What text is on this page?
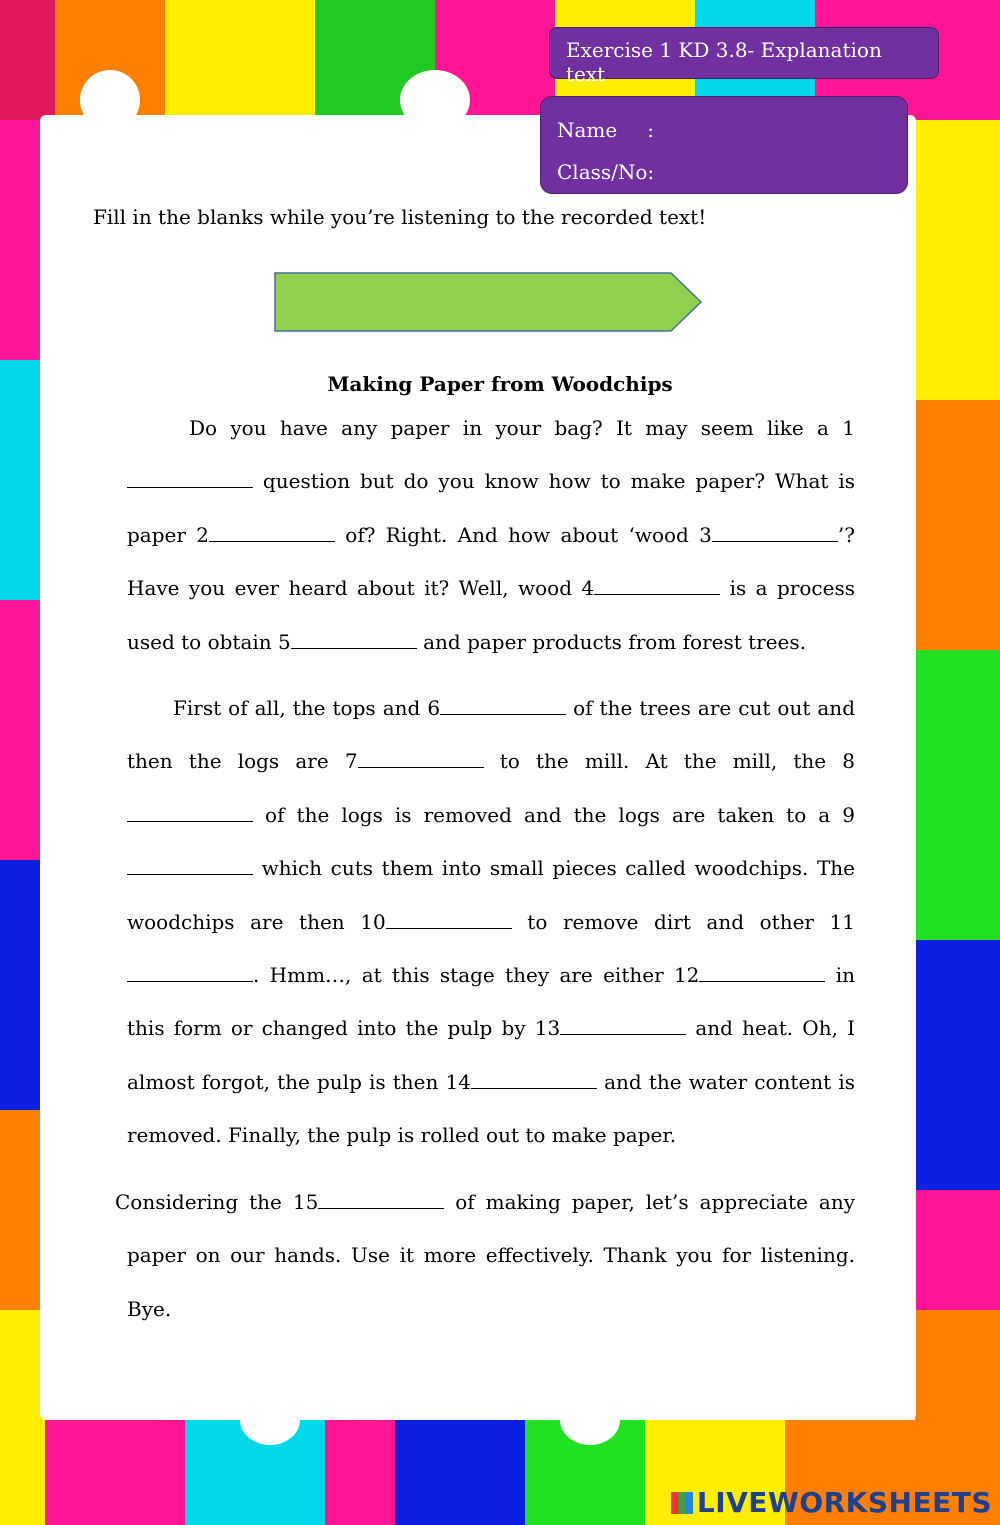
Exercise 1 KD 3.8- Explanation text
Name :
Class/No:
Fill in the blanks while you’re listening to the recorded text!
Making Paper from Woodchips

Do you have any paper in your bag? It may seem like a 1 question but do you know how to make paper? What is paper 2	of? Right. And how about ‘wood 3	’? Have you ever heard about it? Well, wood 4	is a process used to obtain 5	and paper products from forest trees.

First of all, the tops and 6	of the trees are cut out and then the logs are 7	to the mill. At the mill, the 8 of the logs is removed and the logs are taken to a 9 which cuts them into small pieces called woodchips. The woodchips are then 10	to remove dirt and other 11. Hmm…, at this stage they are either 12	in this form or changed into the pulp by 13	and heat. Oh, I almost forgot, the pulp is then 14	and the water content is removed. Finally, the pulp is rolled out to make paper.

Considering the 15	of making paper, let’s appreciate any paper on our hands. Use it more effectively. Thank you for listening. Bye.

LIVEWORKSHEETS
